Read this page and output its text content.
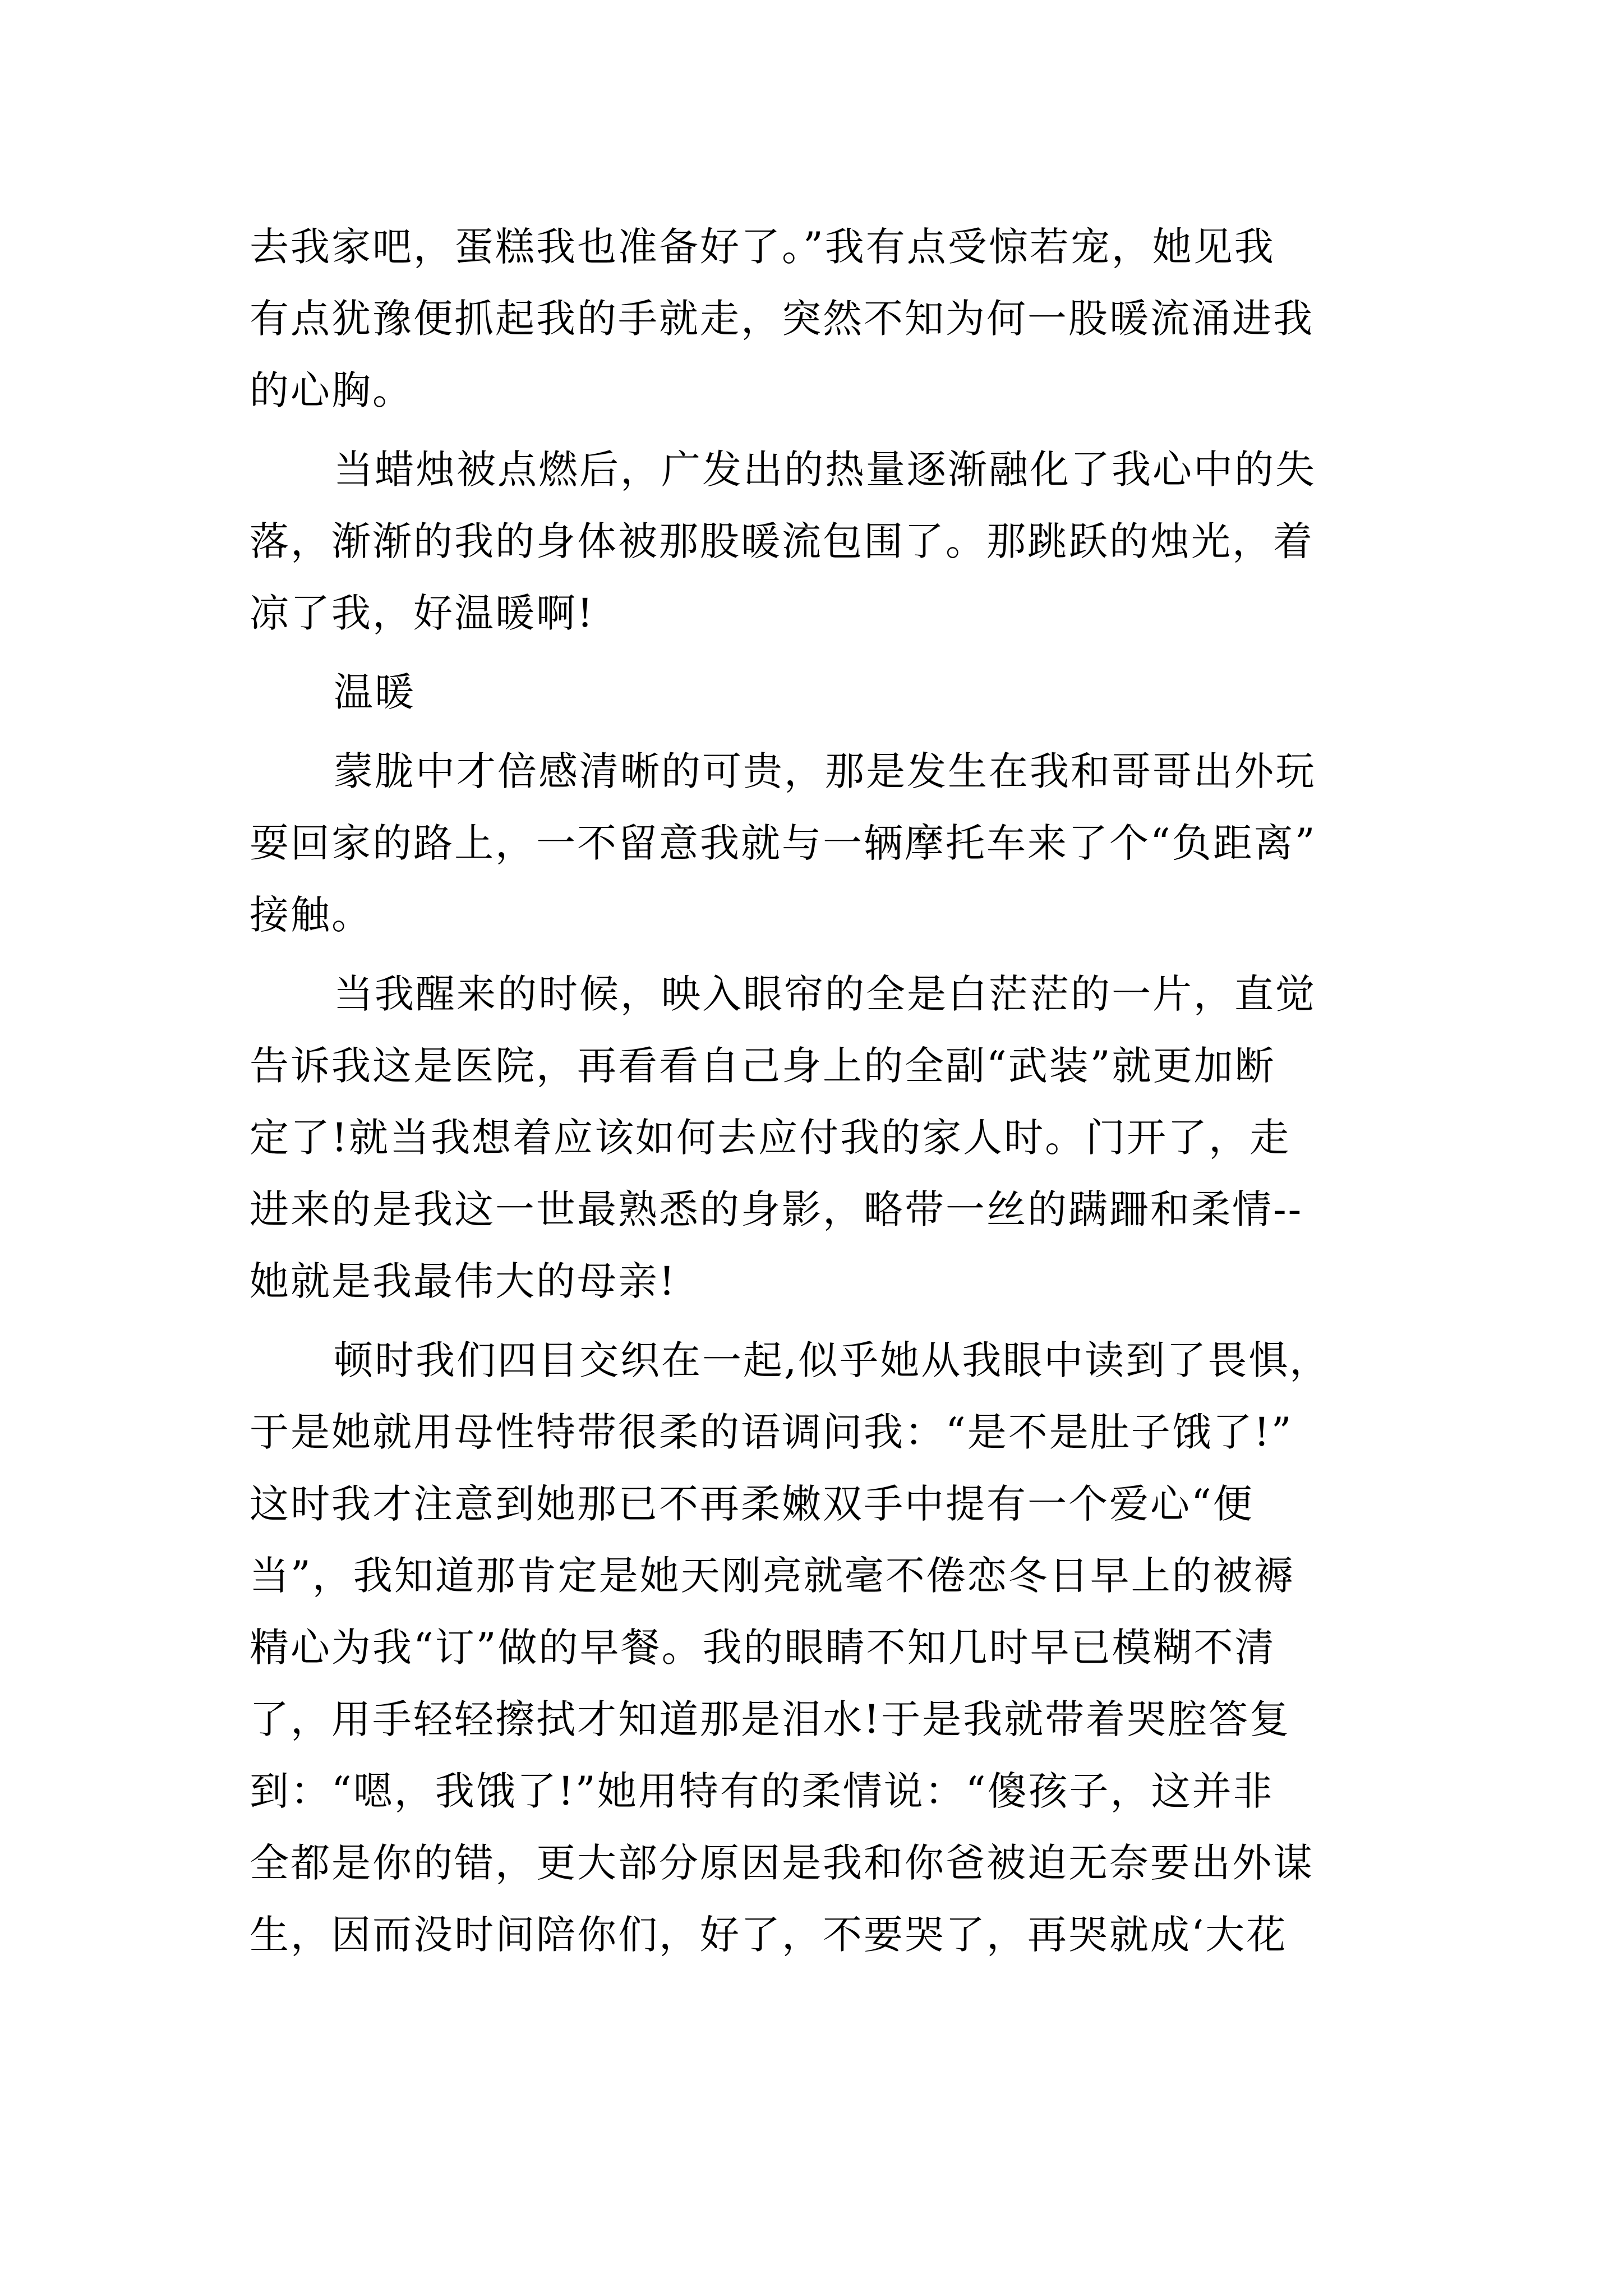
去我家吧，蛋糕我也准备好了。”我有点受惊若宠，她见我
有点犹豫便抓起我的手就走，突然不知为何一股暖流涌进我
的心胸。
当蜡烛被点燃后，广发出的热量逐渐融化了我心中的失
落，渐渐的我的身体被那股暖流包围了。那跳跃的烛光，着
凉了我，好温暖啊!
温暖
蒙胧中才倍感清晰的可贵，那是发生在我和哥哥出外玩
耍回家的路上，一不留意我就与一辆摩托车来了个“负距离”
接触。
当我醒来的时候，映入眼帘的全是白茫茫的一片，直觉
告诉我这是医院，再看看自己身上的全副“武装”就更加断
定了!就当我想着应该如何去应付我的家人时。门开了，走
进来的是我这一世最熟悉的身影，略带一丝的蹒跚和柔情--
她就是我最伟大的母亲!
顿时我们四目交织在一起,似乎她从我眼中读到了畏惧，
于是她就用母性特带很柔的语调问我：“是不是肚子饿了!”
这时我才注意到她那已不再柔嫩双手中提有一个爱心“便
当”，我知道那肯定是她天刚亮就毫不倦恋冬日早上的被褥
精心为我“订”做的早餐。我的眼睛不知几时早已模糊不清
了，用手轻轻擦拭才知道那是泪水!于是我就带着哭腔答复
到：“嗯，我饿了!”她用特有的柔情说：“傻孩子，这并非
全都是你的错，更大部分原因是我和你爸被迫无奈要出外谋
生，因而没时间陪你们，好了，不要哭了，再哭就成‘大花
